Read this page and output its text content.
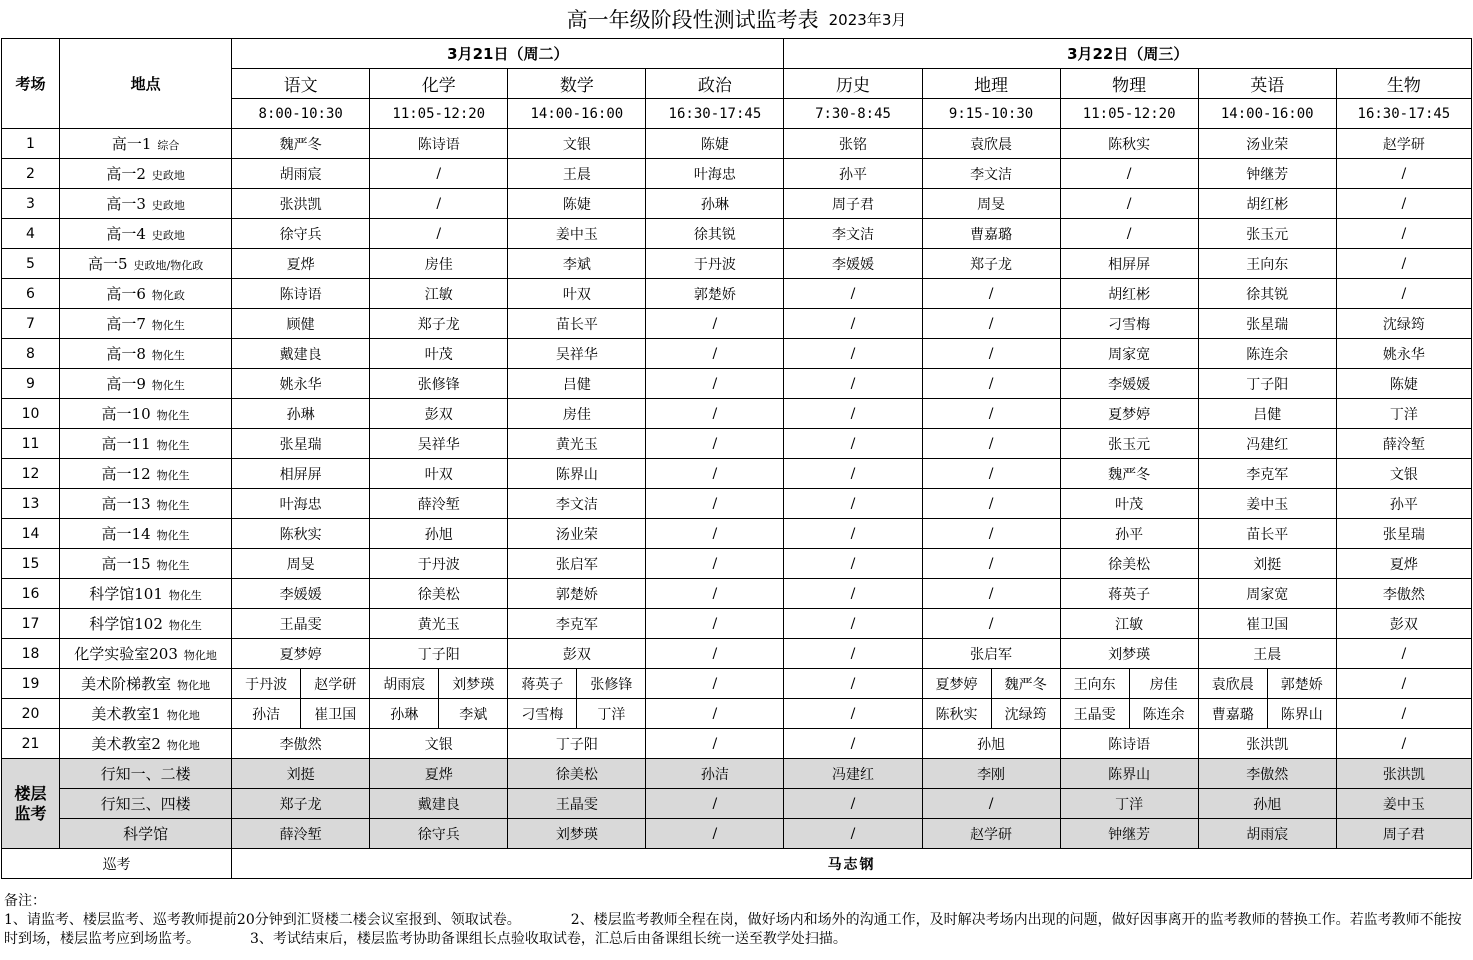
高一年级阶段性测试监考表 2023年3月
考场	地点	3月21日（周二）				3月22日（周三）				
		语文	化学	数学	政治	历史	地理	物理	英语	生物
		8:00-10:30	11:05-12:20	14:00-16:00	16:30-17:45	7:30-8:45	9:15-10:30	11:05-12:20	14:00-16:00	16:30-17:45
1	高一1 综合	魏严冬	陈诗语	文银	陈婕	张铭	袁欣晨	陈秋实	汤业荣	赵学研
2	高一2 史政地	胡雨宸	/	王晨	叶海忠	孙平	李文洁	/	钟继芳	/
3	高一3 史政地	张洪凯	/	陈婕	孙琳	周子君	周旻	/	胡红彬	/
4	高一4 史政地	徐守兵	/	姜中玉	徐其锐	李文洁	曹嘉璐	/	张玉元	/
5	高一5 史政地/物化政	夏烨	房佳	李斌	于丹波	李媛媛	郑子龙	相屏屏	王向东	/
6	高一6 物化政	陈诗语	江敏	叶双	郭楚娇	/	/	胡红彬	徐其锐	/
7	高一7 物化生	顾健	郑子龙	苗长平	/	/	/	刁雪梅	张星瑞	沈绿筠
8	高一8 物化生	戴建良	叶茂	吴祥华	/	/	/	周家宽	陈连余	姚永华
9	高一9 物化生	姚永华	张修锋	吕健	/	/	/	李媛媛	丁子阳	陈婕
10	高一10 物化生	孙琳	彭双	房佳	/	/	/	夏梦婷	吕健	丁洋
11	高一11 物化生	张星瑞	吴祥华	黄光玉	/	/	/	张玉元	冯建红	薛泠堑
12	高一12 物化生	相屏屏	叶双	陈界山	/	/	/	魏严冬	李克军	文银
13	高一13 物化生	叶海忠	薛泠堑	李文洁	/	/	/	叶茂	姜中玉	孙平
14	高一14 物化生	陈秋实	孙旭	汤业荣	/	/	/	孙平	苗长平	张星瑞
15	高一15 物化生	周旻	于丹波	张启军	/	/	/	徐美松	刘挺	夏烨
16	科学馆101 物化生	李媛媛	徐美松	郭楚娇	/	/	/	蒋英子	周家宽	李傲然
17	科学馆102 物化生	王晶雯	黄光玉	李克军	/	/	/	江敏	崔卫国	彭双
18	化学实验室203 物化地	夏梦婷	丁子阳	彭双	/	/	张启军	刘梦瑛	王晨	/
19	美术阶梯教室 物化地	于丹波 赵学研	胡雨宸 刘梦瑛	蒋英子 张修锋	/	/	夏梦婷 魏严冬	王向东 房佳	袁欣晨 郭楚娇	/
20	美术教室1 物化地	孙洁 崔卫国	孙琳 李斌	刁雪梅 丁洋	/	/	陈秋实 沈绿筠	王晶雯 陈连余	曹嘉璐 陈界山	/
21	美术教室2 物化地	李傲然	文银	丁子阳	/	/	孙旭	陈诗语	张洪凯	/
楼层
监考	行知一、二楼	刘挺	夏烨	徐美松	孙洁	冯建红	李刚	陈界山	李傲然	张洪凯
	行知三、四楼	郑子龙	戴建良	王晶雯	/	/	/	丁洋	孙旭	姜中玉
	科学馆	薛泠堑	徐守兵	刘梦瑛	/	/	赵学研	钟继芳	胡雨宸	周子君
巡考		马志钢								
备注：
1、请监考、楼层监考、巡考教师提前20分钟到汇贤楼二楼会议室报到、领取试卷。	2、楼层监考教师全程在岗，做好场内和场外的沟通工作，及时解决考场内出现的问题，做好因事离开的监考教师的替换工作。若监考教师不能按时到场，楼层监考应到场监考。	3、考试结束后，楼层监考协助备课组长点验收取试卷，汇总后由备课组长统一送至教学处扫描。
